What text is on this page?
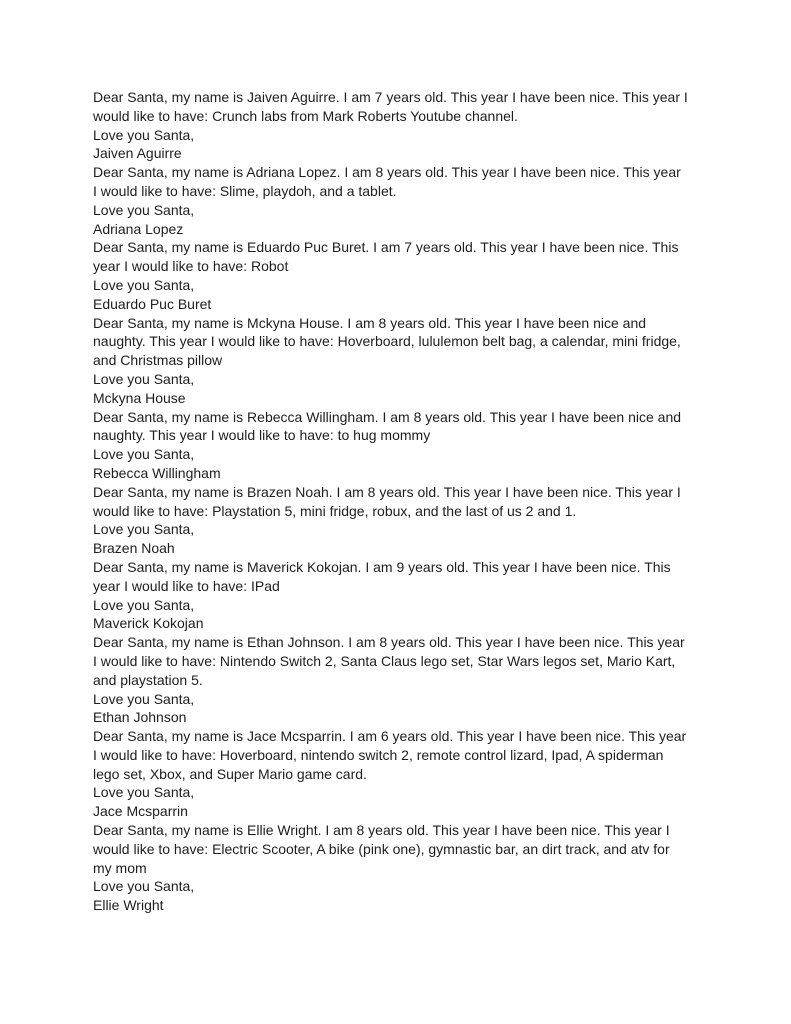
Dear Santa, my name is Jaiven Aguirre. I am 7 years old. This year I have been nice. This year I
would like to have: Crunch labs from Mark Roberts Youtube channel.
Love you Santa,
Jaiven Aguirre
Dear Santa, my name is Adriana Lopez. I am 8 years old. This year I have been nice. This year
I would like to have: Slime, playdoh, and a tablet.
Love you Santa,
Adriana Lopez
Dear Santa, my name is Eduardo Puc Buret. I am 7 years old. This year I have been nice. This
year I would like to have: Robot
Love you Santa,
Eduardo Puc Buret
Dear Santa, my name is Mckyna House. I am 8 years old. This year I have been nice and
naughty. This year I would like to have: Hoverboard, lululemon belt bag, a calendar, mini fridge,
and Christmas pillow
Love you Santa,
Mckyna House
Dear Santa, my name is Rebecca Willingham. I am 8 years old. This year I have been nice and
naughty. This year I would like to have: to hug mommy
Love you Santa,
Rebecca Willingham
Dear Santa, my name is Brazen Noah. I am 8 years old. This year I have been nice. This year I
would like to have: Playstation 5, mini fridge, robux, and the last of us 2 and 1.
Love you Santa,
Brazen Noah
Dear Santa, my name is Maverick Kokojan. I am 9 years old. This year I have been nice. This
year I would like to have: IPad
Love you Santa,
Maverick Kokojan
Dear Santa, my name is Ethan Johnson. I am 8 years old. This year I have been nice. This year
I would like to have: Nintendo Switch 2, Santa Claus lego set, Star Wars legos set, Mario Kart,
and playstation 5.
Love you Santa,
Ethan Johnson
Dear Santa, my name is Jace Mcsparrin. I am 6 years old. This year I have been nice. This year
I would like to have: Hoverboard, nintendo switch 2, remote control lizard, Ipad, A spiderman
lego set, Xbox, and Super Mario game card.
Love you Santa,
Jace Mcsparrin
Dear Santa, my name is Ellie Wright. I am 8 years old. This year I have been nice. This year I
would like to have: Electric Scooter, A bike (pink one), gymnastic bar, an dirt track, and atv for
my mom
Love you Santa,
Ellie Wright
